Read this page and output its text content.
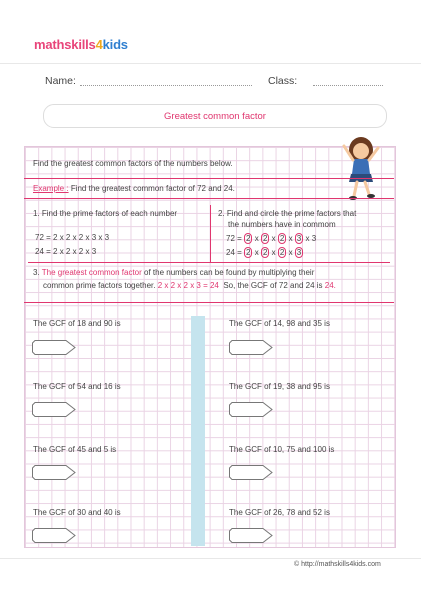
mathskills4kids
Name:	Class:
Greatest common factor
Find the greatest common factors of the numbers below.
Example : Find the greatest common factor of 72 and 24.
1. Find the prime factors of each number
72 = 2 x 2 x 2 x 3 x 3
24 = 2 x 2 x 2 x 3
2. Find and circle the prime factors that
the numbers have in commom
72 = 2 x 2 x 2 x 3 x 3
24 = 2 x 2 x 2 x 3
3. The greatest common factor of the numbers can be found by multiplying their
common prime factors together. 2 x 2 x 2 x 3 = 24 So, the GCF of 72 and 24 is 24.
The GCF of 18 and 90 is	The GCF of 14, 98 and 35 is
The GCF of 54 and 16 is	The GCF of 19, 38 and 95 is
The GCF of 45 and 5 is	The GCF of 10, 75 and 100 is
The GCF of 30 and 40 is	The GCF of 26, 78 and 52 is
© http://mathskills4kids.com
